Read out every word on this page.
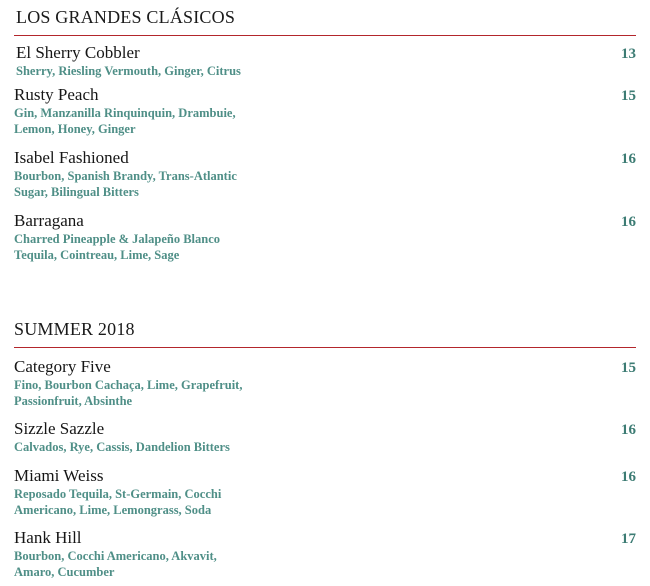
LOS GRANDES CLÁSICOS
El Sherry Cobbler
Sherry, Riesling Vermouth, Ginger, Citrus
13
Rusty Peach
Gin, Manzanilla Rinquinquin, Drambuie, Lemon, Honey, Ginger
15
Isabel Fashioned
Bourbon, Spanish Brandy, Trans-Atlantic Sugar, Bilingual Bitters
16
Barragana
Charred Pineapple & Jalapeño Blanco Tequila, Cointreau, Lime, Sage
16
SUMMER 2018
Category Five
Fino, Bourbon Cachaça, Lime, Grapefruit, Passionfruit, Absinthe
15
Sizzle Sazzle
Calvados, Rye, Cassis, Dandelion Bitters
16
Miami Weiss
Reposado Tequila, St-Germain, Cocchi Americano, Lime, Lemongrass, Soda
16
Hank Hill
Bourbon, Cocchi Americano, Akvavit, Amaro, Cucumber
17
